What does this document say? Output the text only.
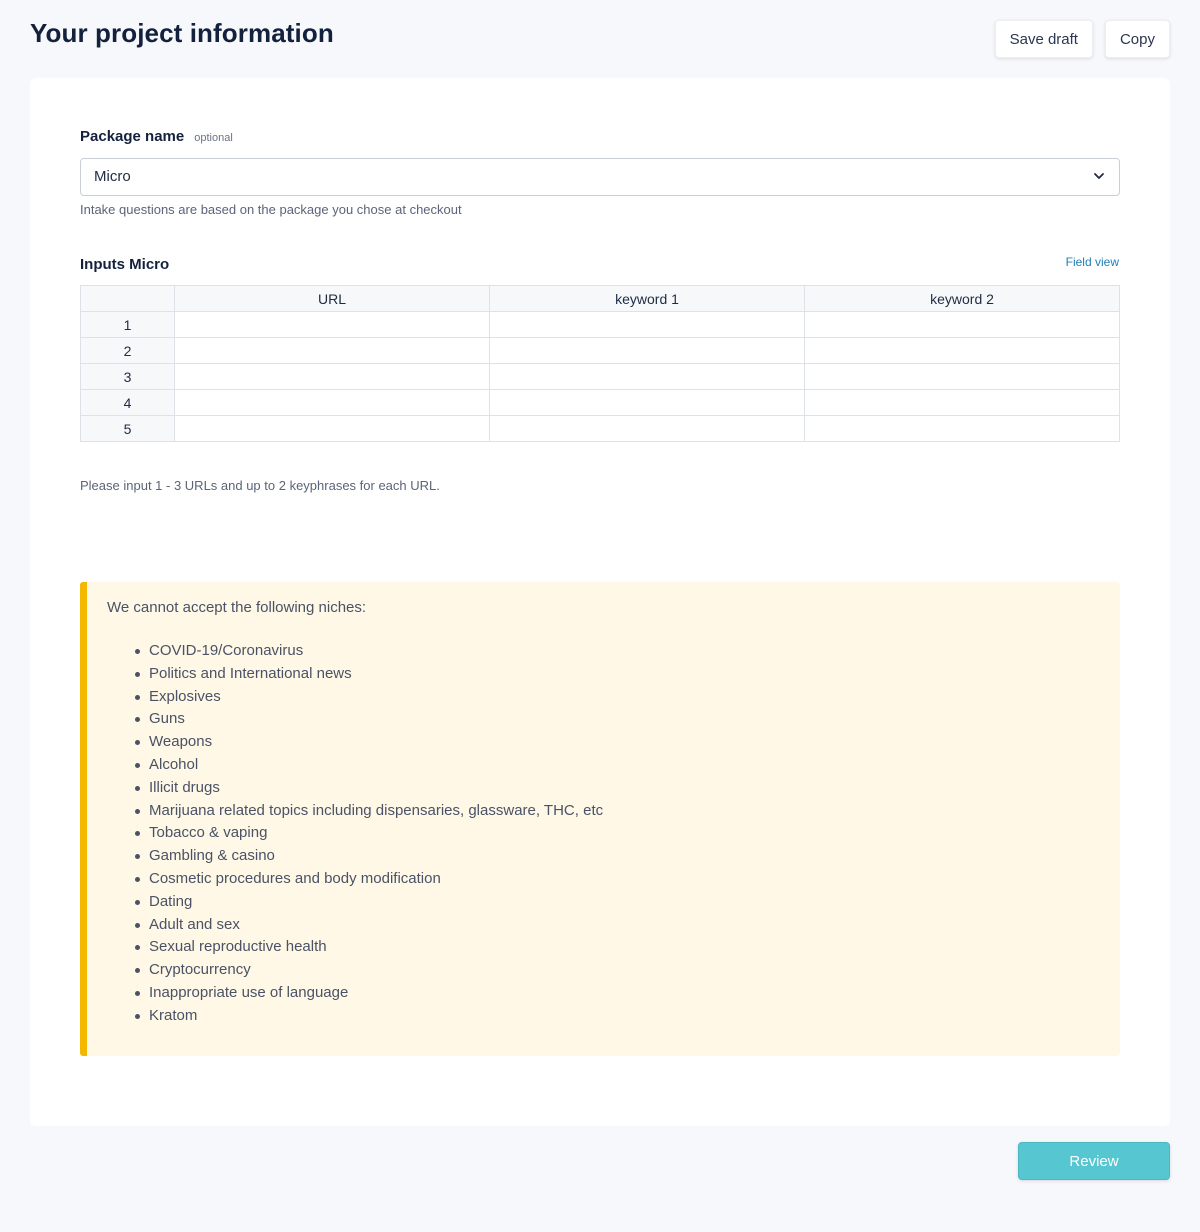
Your project information	Save draft	Copy
Package name optional
Micro
Intake questions are based on the package you chose at checkout
Inputs Micro	Field view
	URL	keyword 1	keyword 2
1			
2			
3			
4			
5			
Please input 1 - 3 URLs and up to 2 keyphrases for each URL.
We cannot accept the following niches:
COVID-19/Coronavirus
Politics and International news
Explosives
Guns
Weapons
Alcohol
Illicit drugs
Marijuana related topics including dispensaries, glassware, THC, etc
Tobacco & vaping
Gambling & casino
Cosmetic procedures and body modification
Dating
Adult and sex
Sexual reproductive health
Cryptocurrency
Inappropriate use of language
Kratom
Review
